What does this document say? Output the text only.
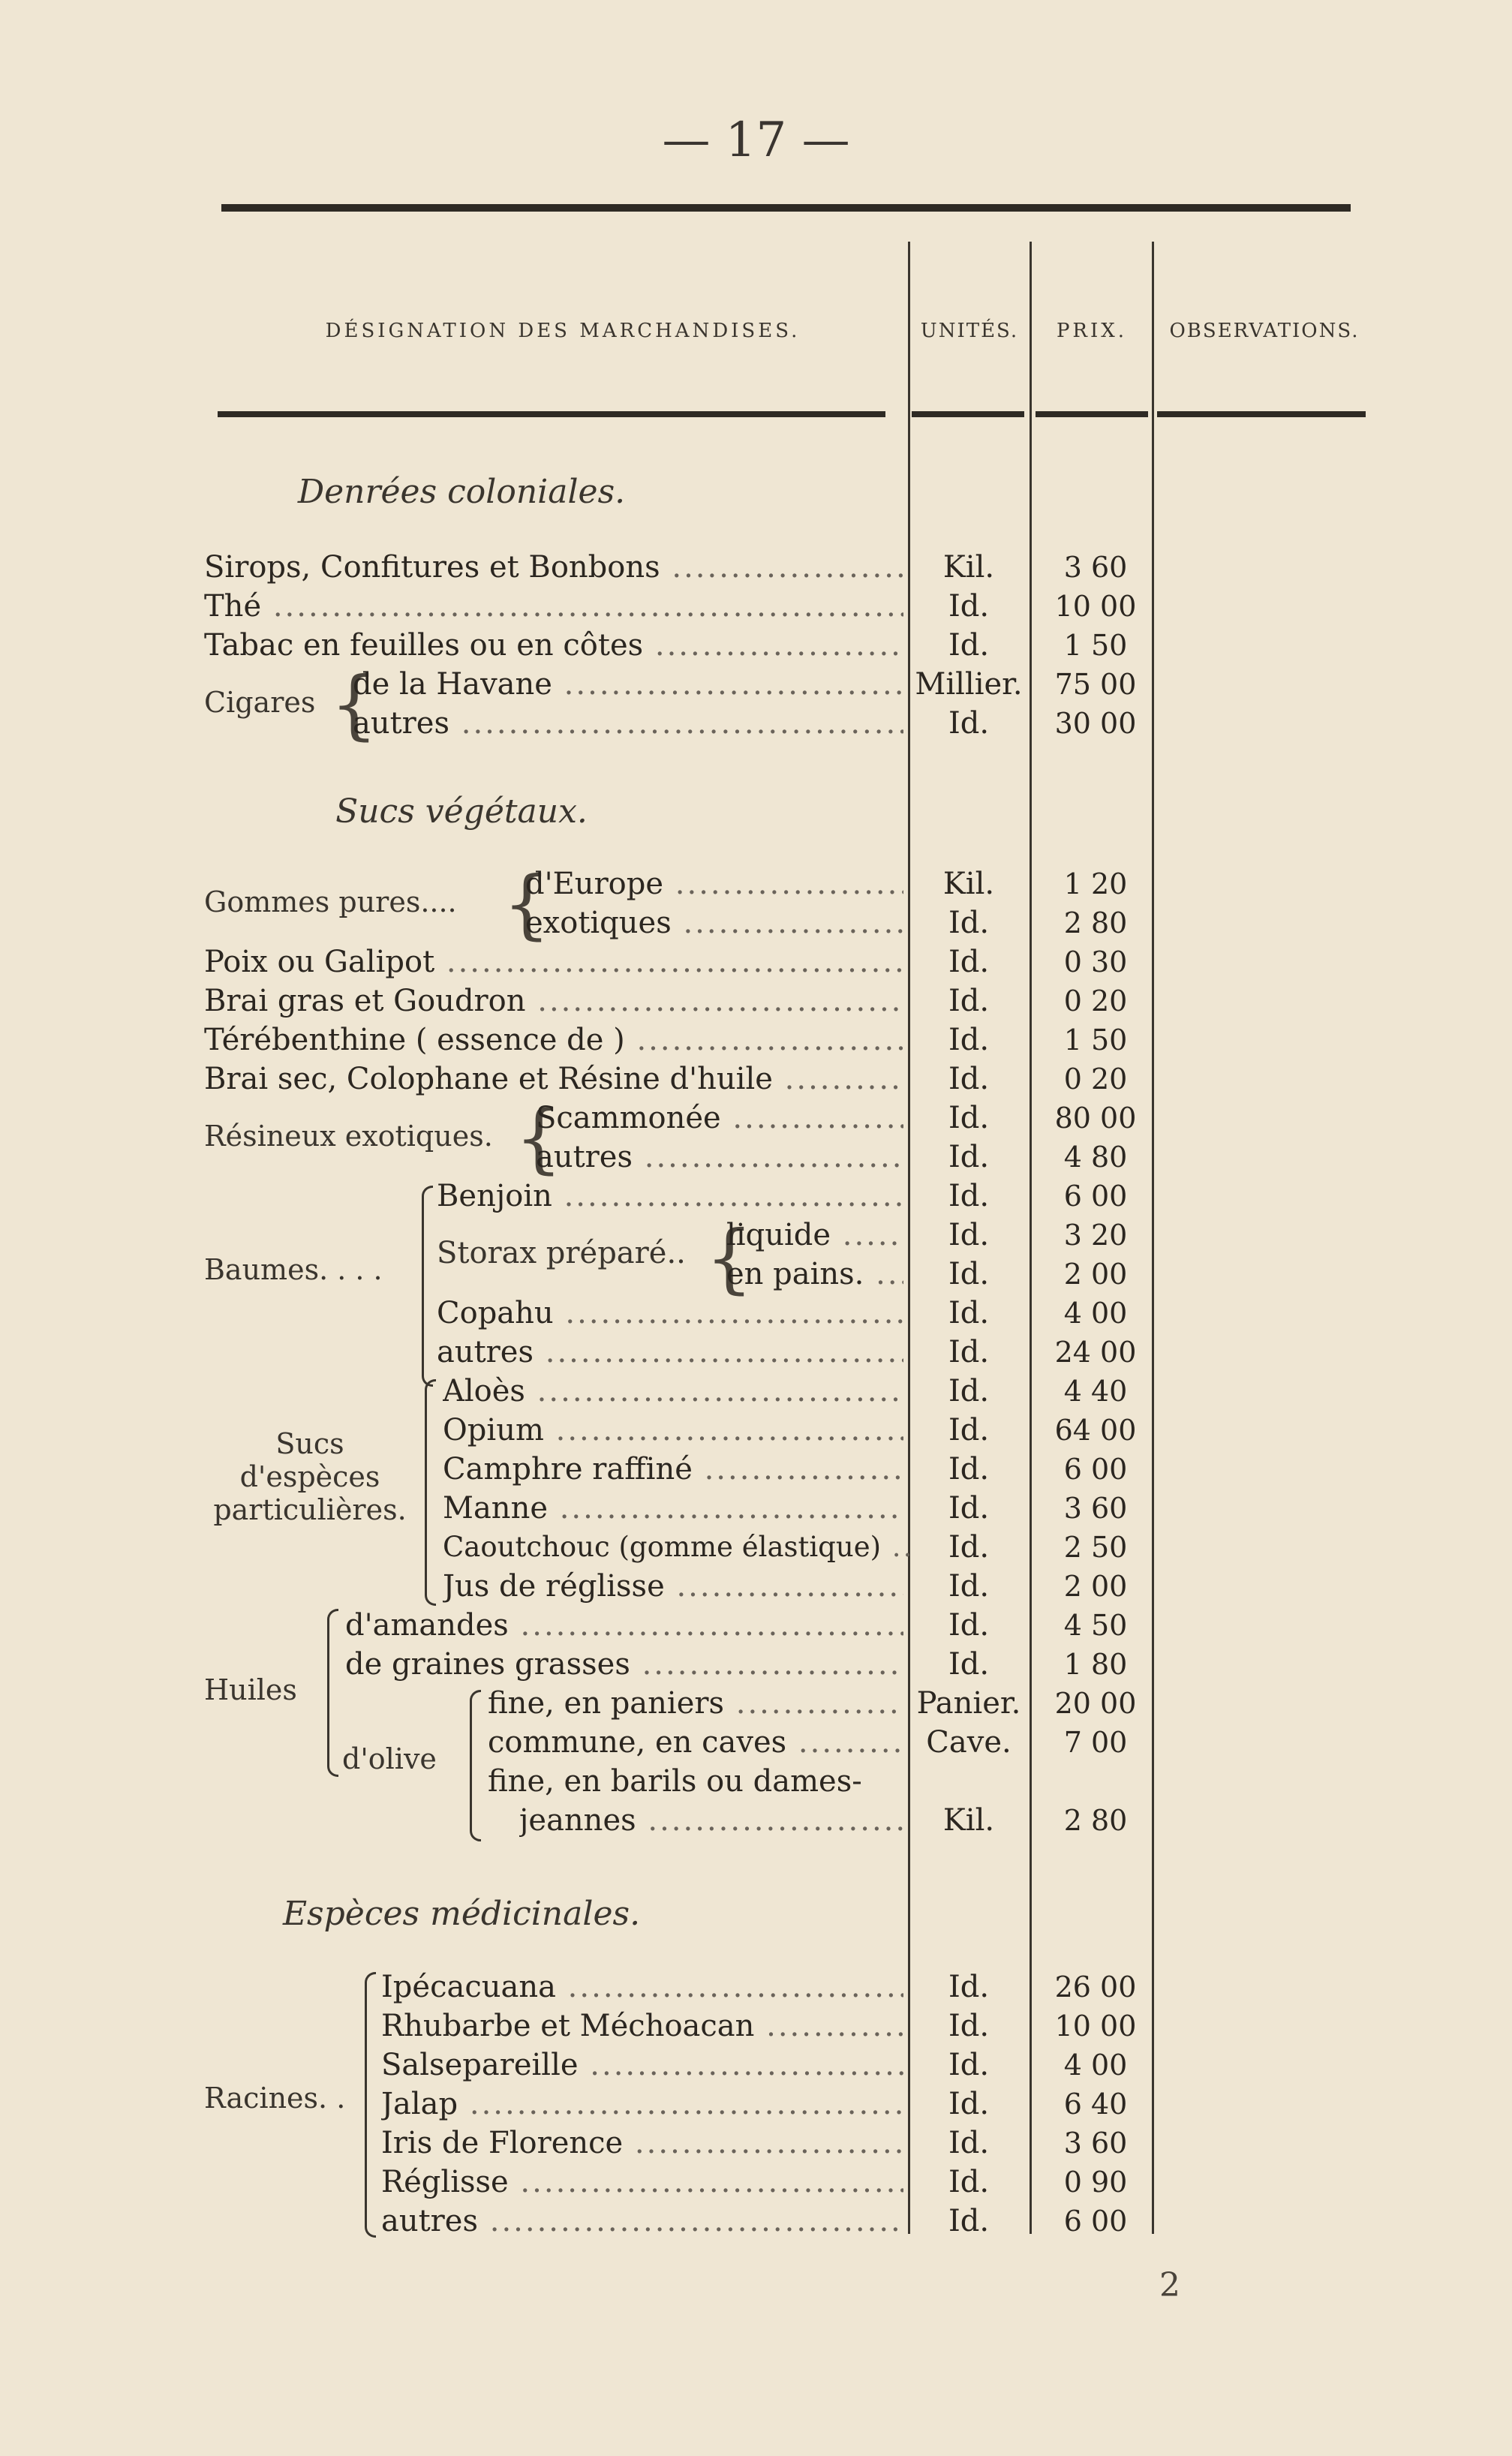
— 17 —
DÉSIGNATION DES MARCHANDISES.	UNITÉS.	PRIX.	OBSERVATIONS.
Denrées coloniales.
Sucs végétaux.
Espèces médicinales.
Cigares {
Gommes pures.... {
Résineux exotiques. {
Baumes. . . .	Storax préparé.. {
Sucs d'espèces particulières.
Huiles
d'olive
Racines. .
Sirops, Confitures et Bonbons .....	Kil.	3 60
Thé .....	Id.	10 00
Tabac en feuilles ou en côtes .....	Id.	1 50
de la Havane .....	Millier.	75 00
autres .....	Id.	30 00
d'Europe .....	Kil.	1 20
exotiques .....	Id.	2 80
Poix ou Galipot .....	Id.	0 30
Brai gras et Goudron .....	Id.	0 20
Térébenthine ( essence de ) .....	Id.	1 50
Brai sec, Colophane et Résine d'huile .....	Id.	0 20
Scammonée .....	Id.	80 00
autres .....	Id.	4 80
Benjoin .....	Id.	6 00
liquide .....	Id.	3 20
en pains. .....	Id.	2 00
Copahu .....	Id.	4 00
autres .....	Id.	24 00
Aloès .....	Id.	4 40
Opium .....	Id.	64 00
Camphre raffiné .....	Id.	6 00
Manne .....	Id.	3 60
Caoutchouc (gomme élastique) .....	Id.	2 50
Jus de réglisse .....	Id.	2 00
d'amandes .....	Id.	4 50
de graines grasses .....	Id.	1 80
fine, en paniers .....	Panier.	20 00
commune, en caves .....	Cave.	7 00
fine, en barils ou dames-
jeannes .....	Kil.	2 80
Ipécacuana .....	Id.	26 00
Rhubarbe et Méchoacan .....	Id.	10 00
Salsepareille .....	Id.	4 00
Jalap .....	Id.	6 40
Iris de Florence .....	Id.	3 60
Réglisse .....	Id.	0 90
autres .....	Id.	6 00
2
